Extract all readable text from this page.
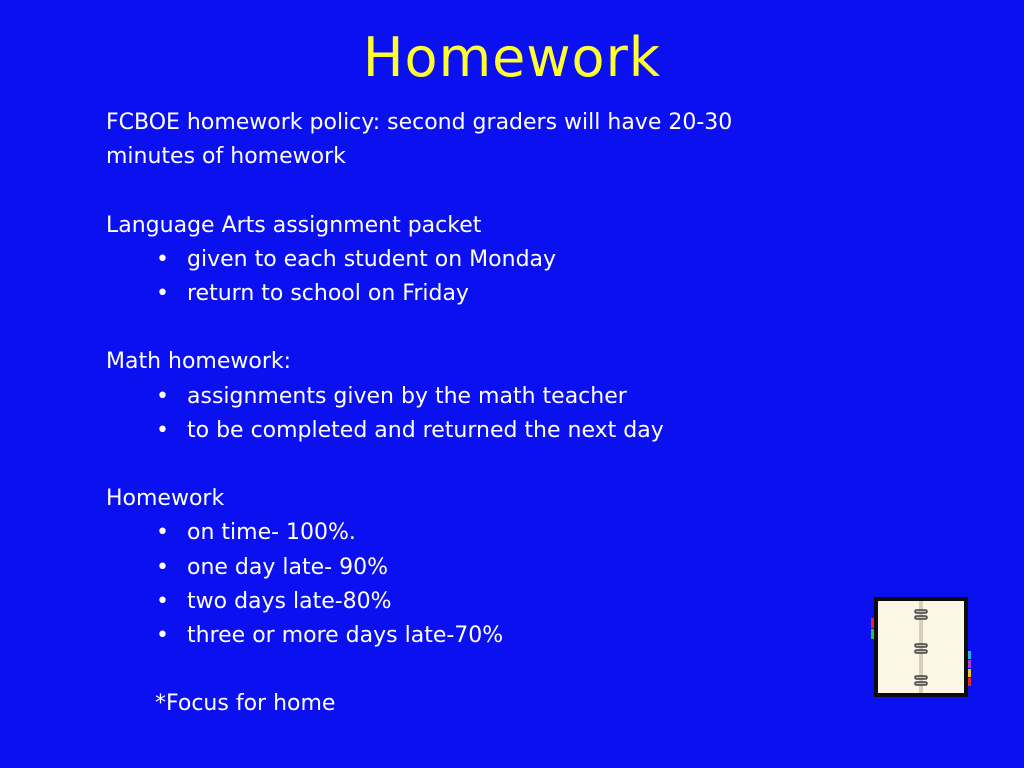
Homework
FCBOE homework policy: second graders will have 20-30
minutes of homework
Language Arts assignment packet
• given to each student on Monday
• return to school on Friday
Math homework:
• assignments given by the math teacher
• to be completed and returned the next day
Homework
• on time- 100%.
• one day late- 90%
• two days late-80%
• three or more days late-70%
*Focus for home
